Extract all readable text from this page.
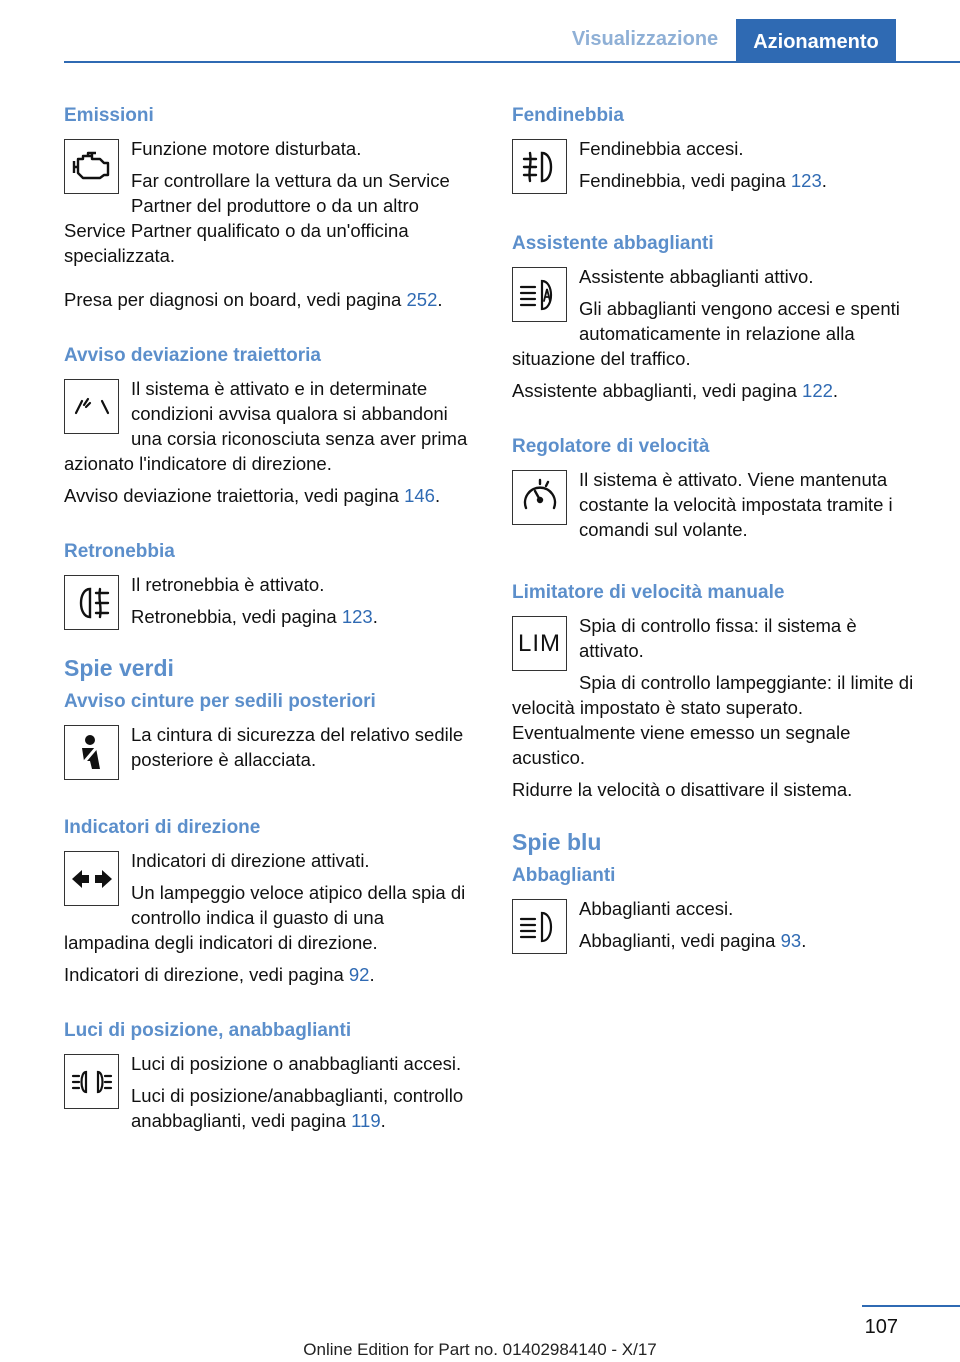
Visualizzazione	Azionamento
Emissioni

Funzione motore disturbata.

Far controllare la vettura da un Service Partner del produttore o da un altro Service Partner qualificato o da un'officina specializzata.

Presa per diagnosi on board, vedi pagina 252.

Avviso deviazione traiettoria

Il sistema è attivato e in determinate condizioni avvisa qualora si abbandoni una corsia riconosciuta senza aver prima azionato l'indicatore di direzione.

Avviso deviazione traiettoria, vedi pagina 146.

Retronebbia

Il retronebbia è attivato.

Retronebbia, vedi pagina 123.

Spie verdi
Avviso cinture per sedili posteriori

La cintura di sicurezza del relativo sedile posteriore è allacciata.

Indicatori di direzione

Indicatori di direzione attivati.

Un lampeggio veloce atipico della spia di controllo indica il guasto di una lampadina degli indicatori di direzione.

Indicatori di direzione, vedi pagina 92.

Luci di posizione, anabbaglianti

Luci di posizione o anabbaglianti accesi.

Luci di posizione/anabbaglianti, controllo anabbaglianti, vedi pagina 119.

Fendinebbia

Fendinebbia accesi.

Fendinebbia, vedi pagina 123.

Assistente abbaglianti

Assistente abbaglianti attivo.

Gli abbaglianti vengono accesi e spenti automaticamente in relazione alla situazione del traffico.

Assistente abbaglianti, vedi pagina 122.

Regolatore di velocità

Il sistema è attivato. Viene mantenuta costante la velocità impostata tramite i comandi sul volante.

Limitatore di velocità manuale
LIM

Spia di controllo fissa: il sistema è attivato.

Spia di controllo lampeggiante: il limite di velocità impostato è stato superato. Eventualmente viene emesso un segnale acustico.

Ridurre la velocità o disattivare il sistema.

Spie blu
Abbaglianti

Abbaglianti accesi.

Abbaglianti, vedi pagina 93.

107
Online Edition for Part no. 01402984140 - X/17
